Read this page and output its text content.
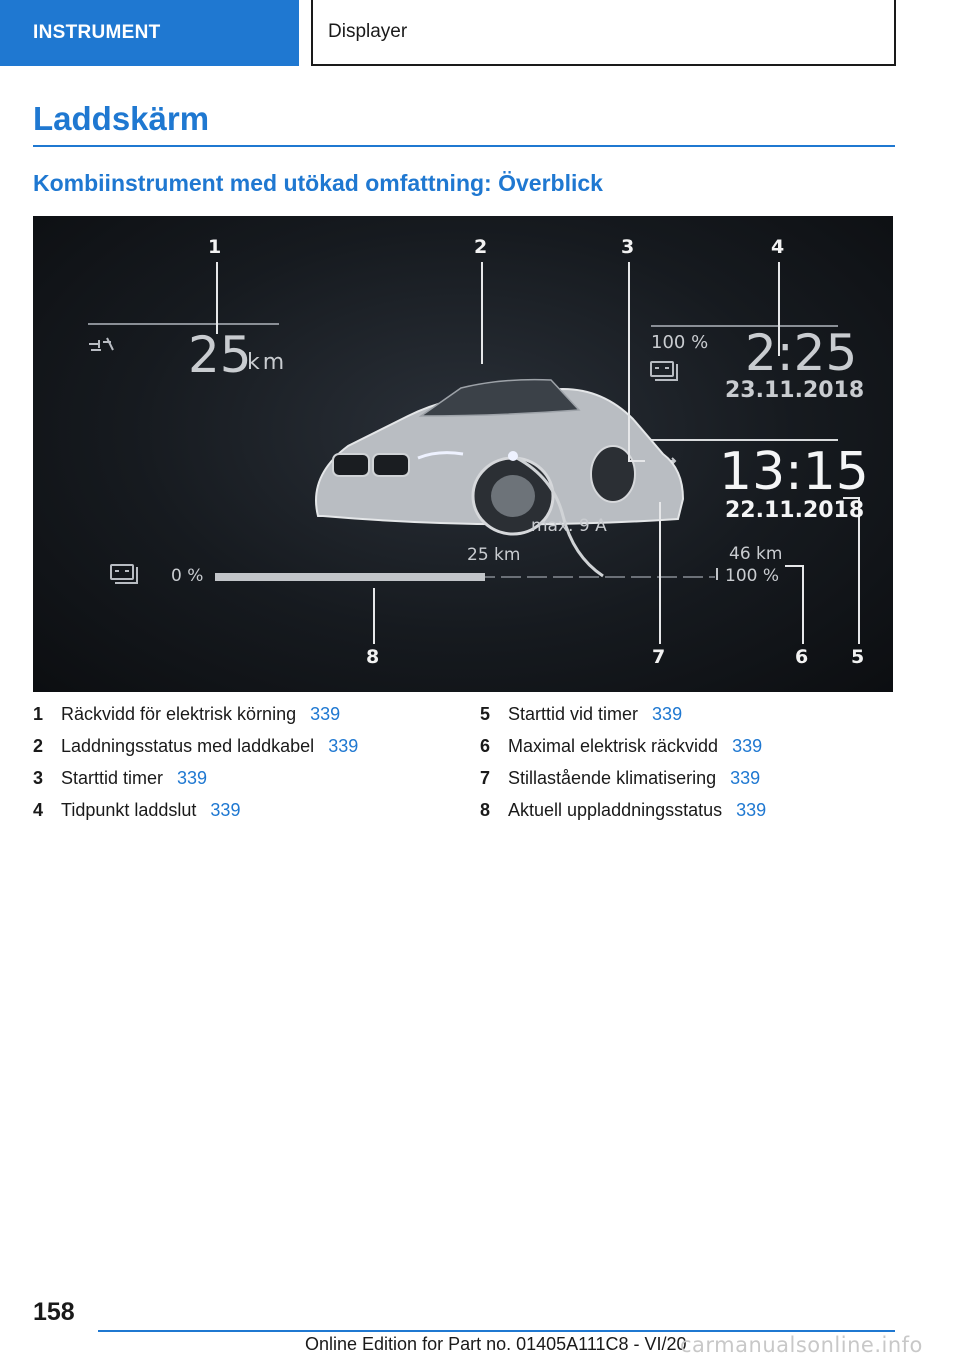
INSTRUMENT	Displayer
Laddskärm
Kombiinstrument med utökad omfattning: Överblick
1	2	3	4
5
6
7
8
25
km
100 % 2:25
23.11.2018
13:15
22.11.2018
max. 9 A
0 %
25 km	46 km
100 %
1 Räckvidd för elektrisk körning 339
2 Laddningsstatus med laddkabel 339
3 Starttid timer 339
4 Tidpunkt laddslut 339
5 Starttid vid timer 339
6 Maximal elektrisk räckvidd 339
7 Stillastående klimatisering 339
8 Aktuell uppladdningsstatus 339
158
Online Edition for Part no. 01405A111C8 - VI/20
carmanualsonline.info
